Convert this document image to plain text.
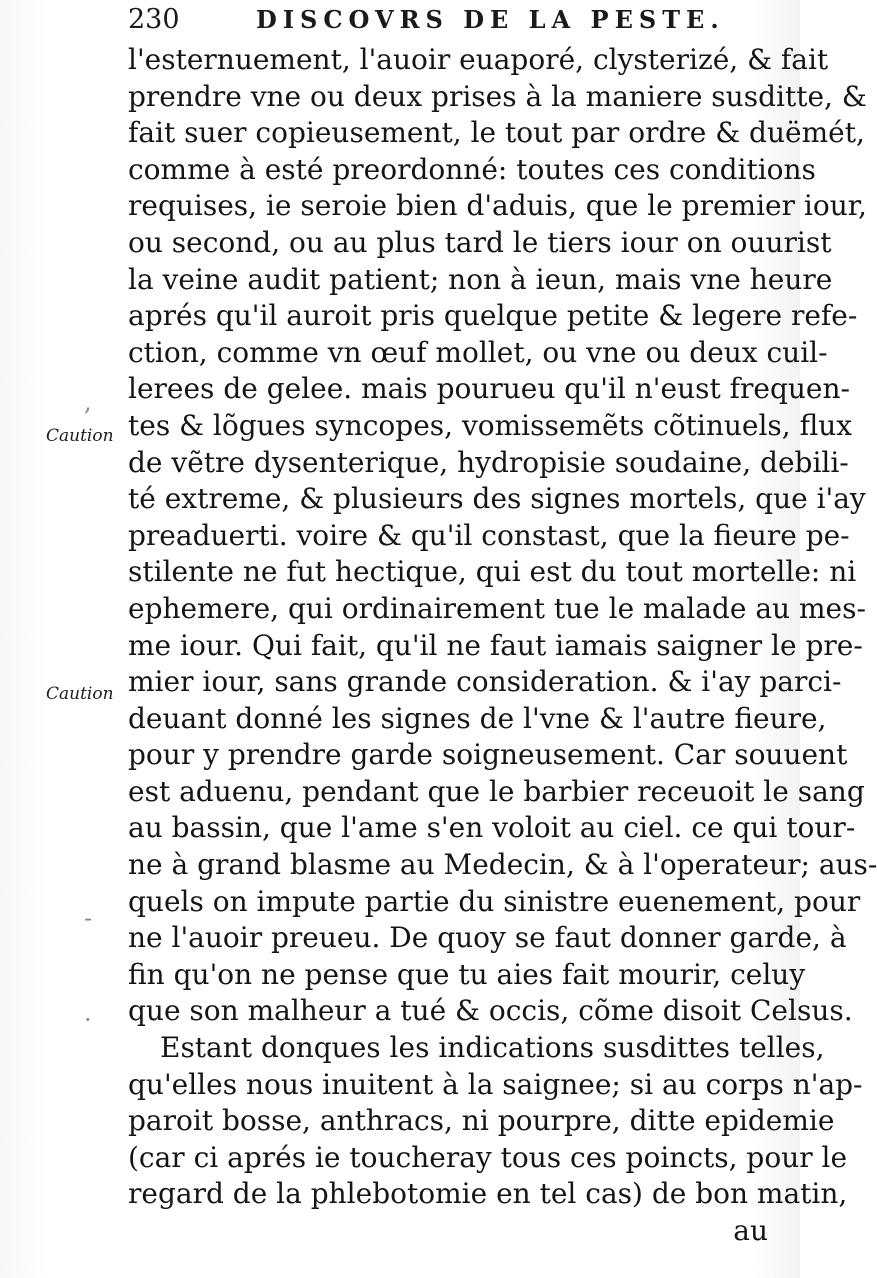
230	DISCOVRS DE LA PESTE.
Caution
Caution
,
-
·
l'esternuement, l'auoir euaporé, clysterizé, & fait
prendre vne ou deux prises à la maniere susditte, &
fait suer copieusement, le tout par ordre & duëmét,
comme à esté preordonné: toutes ces conditions
requises, ie seroie bien d'aduis, que le premier iour,
ou second, ou au plus tard le tiers iour on ouurist
la veine audit patient; non à ieun, mais vne heure
aprés qu'il auroit pris quelque petite & legere refe-
ction, comme vn œuf mollet, ou vne ou deux cuil-
lerees de gelee. mais pourueu qu'il n'eust frequen-
tes & lõgues syncopes, vomissemẽts cõtinuels, flux
de vẽtre dysenterique, hydropisie soudaine, debili-
té extreme, & plusieurs des signes mortels, que i'ay
preaduerti. voire & qu'il constast, que la fieure pe-
stilente ne fut hectique, qui est du tout mortelle: ni
ephemere, qui ordinairement tue le malade au mes-
me iour. Qui fait, qu'il ne faut iamais saigner le pre-
mier iour, sans grande consideration. & i'ay parci-
deuant donné les signes de l'vne & l'autre fieure,
pour y prendre garde soigneusement. Car souuent
est aduenu, pendant que le barbier receuoit le sang
au bassin, que l'ame s'en voloit au ciel. ce qui tour-
ne à grand blasme au Medecin, & à l'operateur; aus-
quels on impute partie du sinistre euenement, pour
ne l'auoir preueu. De quoy se faut donner garde, à
fin qu'on ne pense que tu aies fait mourir, celuy
que son malheur a tué & occis, cõme disoit Celsus.
Estant donques les indications susdittes telles,
qu'elles nous inuitent à la saignee; si au corps n'ap-
paroit bosse, anthracs, ni pourpre, ditte epidemie
(car ci aprés ie toucheray tous ces poincts, pour le
regard de la phlebotomie en tel cas) de bon matin,
au
